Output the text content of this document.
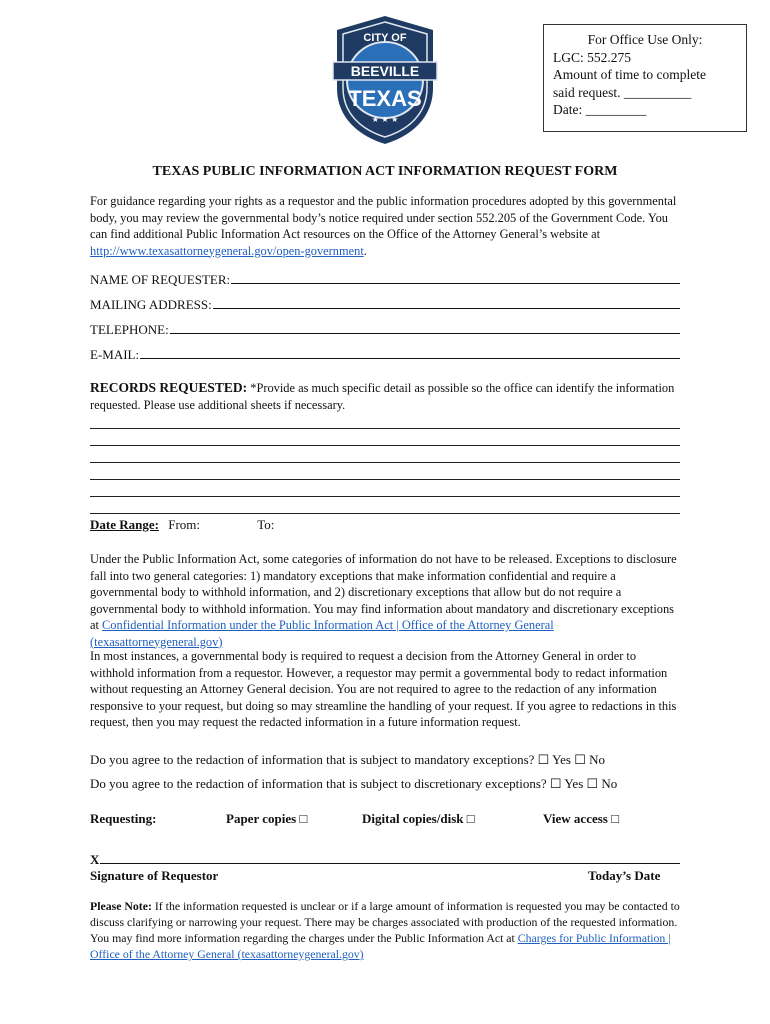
CITY OF
BEEVILLE
TEXAS
★ ★ ★
For Office Use Only:
LGC: 552.275
Amount of time to complete
said request. __________
Date: _________
TEXAS PUBLIC INFORMATION ACT INFORMATION REQUEST FORM
For guidance regarding your rights as a requestor and the public information procedures adopted by this governmental body, you may review the governmental body’s notice required under section 552.205 of the Government Code. You can find additional Public Information Act resources on the Office of the Attorney General’s website at http://www.texasattorneygeneral.gov/open-government.
NAME OF REQUESTER:
MAILING ADDRESS:
TELEPHONE:
E-MAIL:
RECORDS REQUESTED: *Provide as much specific detail as possible so the office can identify the information requested. Please use additional sheets if necessary.
Date Range: From:	To:
Under the Public Information Act, some categories of information do not have to be released. Exceptions to disclosure fall into two general categories: 1) mandatory exceptions that make information confidential and require a governmental body to withhold information, and 2) discretionary exceptions that allow but do not require a governmental body to withhold information. You may find information about mandatory and discretionary exceptions at Confidential Information under the Public Information Act | Office of the Attorney General (texasattorneygeneral.gov)
In most instances, a governmental body is required to request a decision from the Attorney General in order to withhold information from a requestor. However, a requestor may permit a governmental body to redact information without requesting an Attorney General decision. You are not required to agree to the redaction of any information responsive to your request, but doing so may streamline the handling of your request. If you agree to redactions in this request, then you may request the redacted information in a future information request.
Do you agree to the redaction of information that is subject to mandatory exceptions? ☐ Yes ☐ No
Do you agree to the redaction of information that is subject to discretionary exceptions? ☐ Yes ☐ No
Requesting:	Paper copies □	Digital copies/disk □	View access □
X
Signature of Requestor	Today’s Date
Please Note: If the information requested is unclear or if a large amount of information is requested you may be contacted to discuss clarifying or narrowing your request. There may be charges associated with production of the requested information. You may find more information regarding the charges under the Public Information Act at Charges for Public Information | Office of the Attorney General (texasattorneygeneral.gov)
